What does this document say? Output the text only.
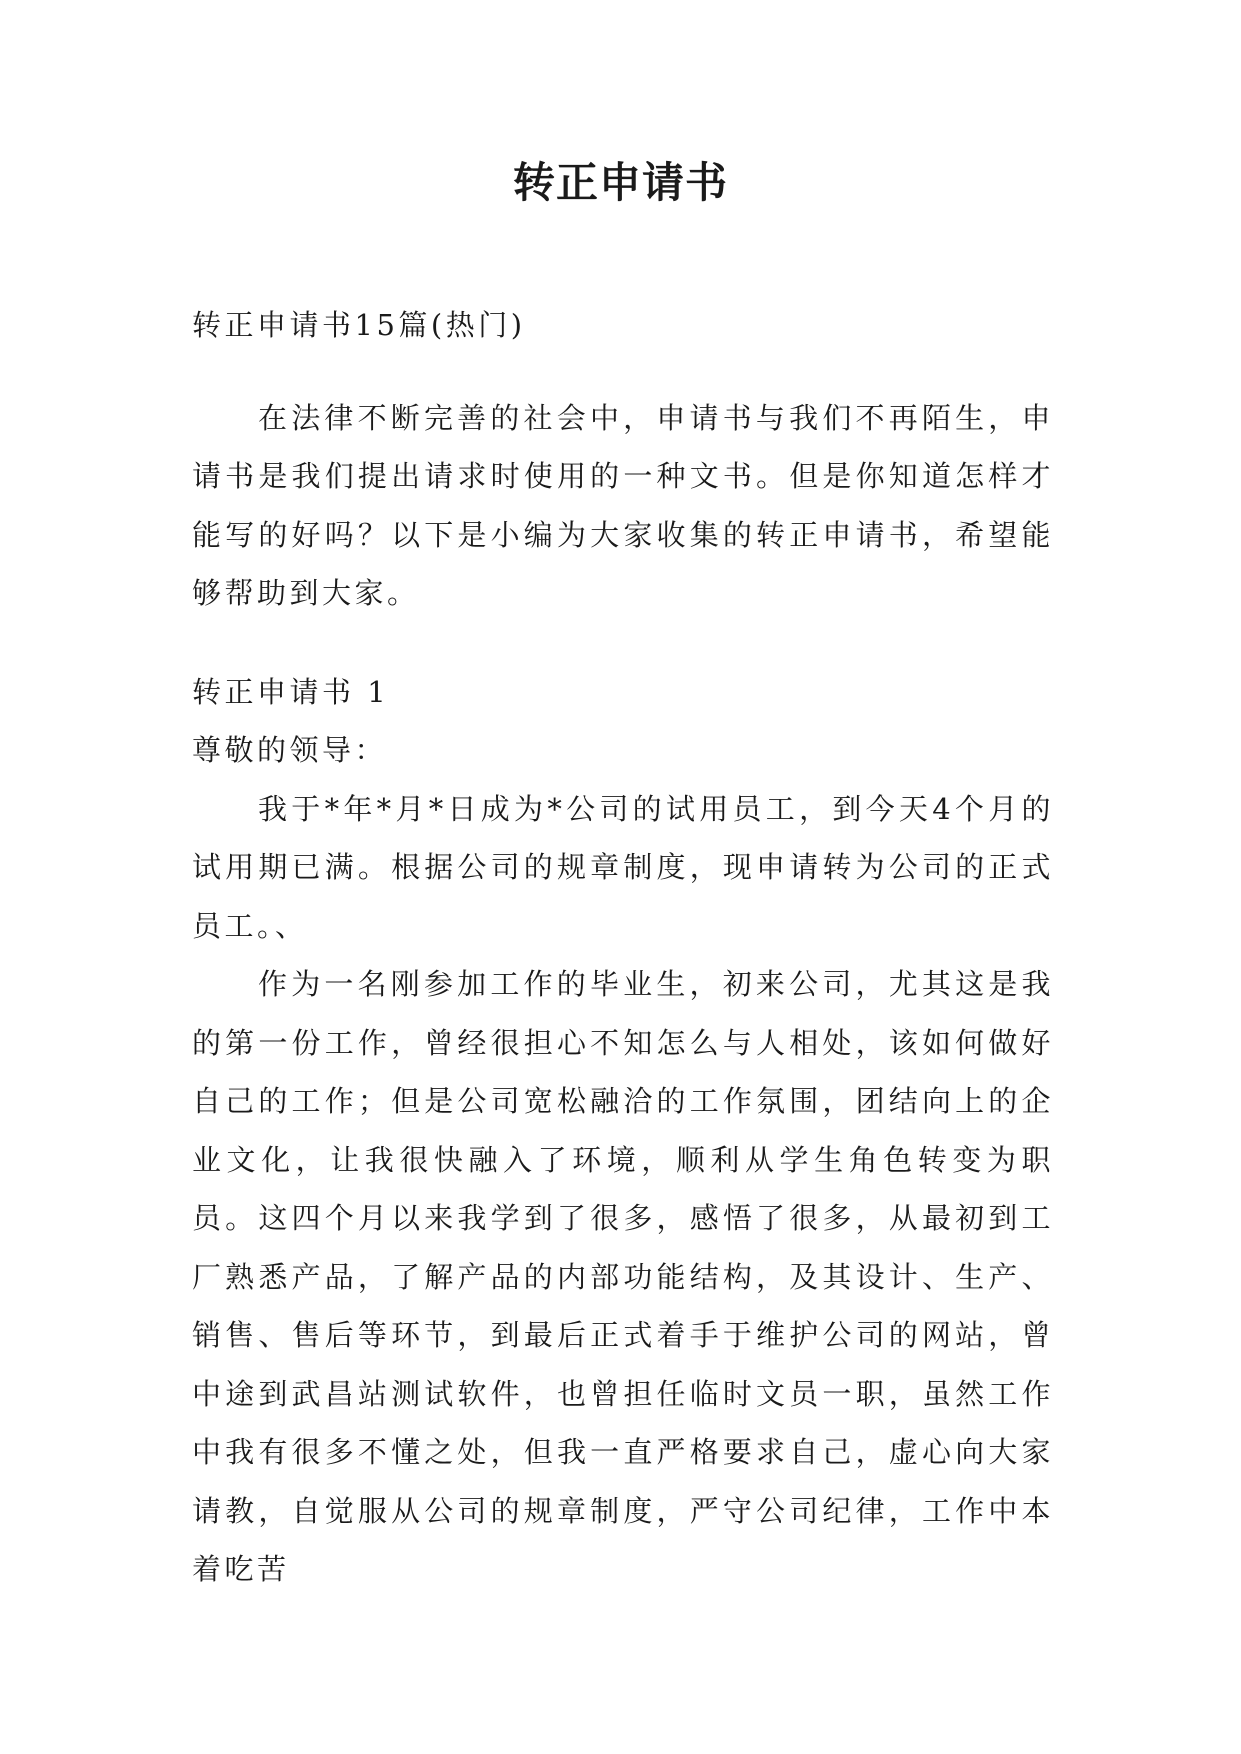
转正申请书

转正申请书15篇(热门)

在法律不断完善的社会中，申请书与我们不再陌生，申请书是我们提出请求时使用的一种文书。但是你知道怎样才能写的好吗？以下是小编为大家收集的转正申请书，希望能够帮助到大家。

转正申请书 1

尊敬的领导：

我于*年*月*日成为*公司的试用员工，到今天4个月的试用期已满。根据公司的规章制度，现申请转为公司的正式员工。、

作为一名刚参加工作的毕业生，初来公司，尤其这是我的第一份工作，曾经很担心不知怎么与人相处，该如何做好自己的工作；但是公司宽松融洽的工作氛围，团结向上的企业文化，让我很快融入了环境，顺利从学生角色转变为职员。这四个月以来我学到了很多，感悟了很多，从最初到工厂熟悉产品，了解产品的内部功能结构，及其设计、生产、销售、售后等环节，到最后正式着手于维护公司的网站，曾中途到武昌站测试软件，也曾担任临时文员一职，虽然工作中我有很多不懂之处，但我一直严格要求自己，虚心向大家请教，自觉服从公司的规章制度，严守公司纪律，工作中本着吃苦
